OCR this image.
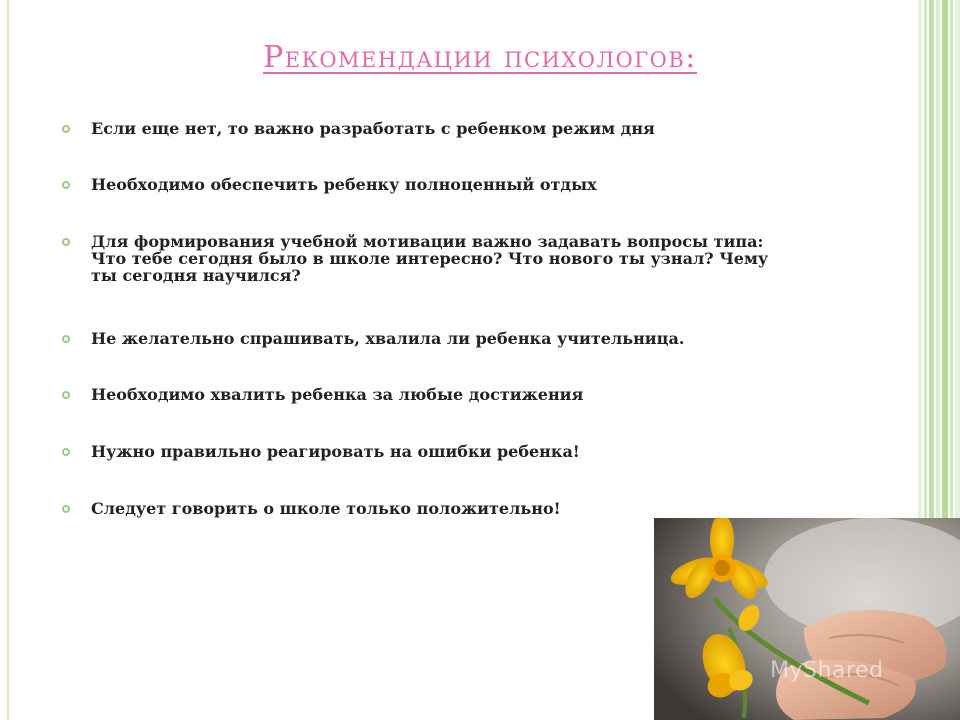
Рекомендации психологов:
Если еще нет, то важно разработать с ребенком режим дня
Необходимо обеспечить ребенку полноценный отдых
Для формирования учебной мотивации важно задавать вопросы типа:
Что тебе сегодня было в школе интересно? Что нового ты узнал? Чему
ты сегодня научился?
Не желательно спрашивать, хвалила ли ребенка учительница.
Необходимо хвалить ребенка за любые достижения
Нужно правильно реагировать на ошибки ребенка!
Следует говорить о школе только положительно!
MyShared
